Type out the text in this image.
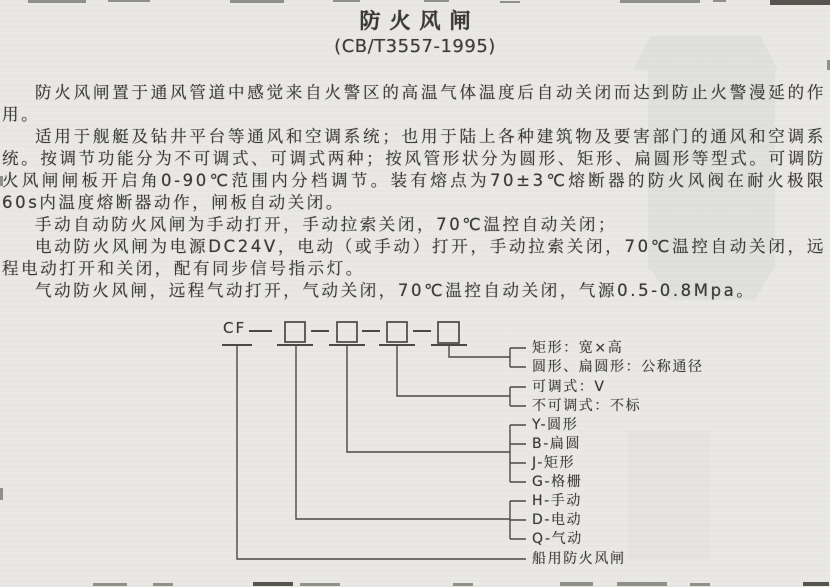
防火风闸
(CB/T3557-1995)

防火风闸置于通风管道中感觉来自火警区的高温气体温度后自动关闭而达到防止火警漫延的作用。

适用于舰艇及钻井平台等通风和空调系统；也用于陆上各种建筑物及要害部门的通风和空调系统。按调节功能分为不可调式、可调式两种；按风管形状分为圆形、矩形、扁圆形等型式。可调防火风闸闸板开启角0-90℃范围内分档调节。装有熔点为70±3℃熔断器的防火风阀在耐火极限60s内温度熔断器动作，闸板自动关闭。

手动自动防火风闸为手动打开，手动拉索关闭，70℃温控自动关闭；

电动防火风闸为电源DC24V，电动（或手动）打开，手动拉索关闭，70℃温控自动关闭，远程电动打开和关闭，配有同步信号指示灯。

气动防火风闸，远程气动打开，气动关闭，70℃温控自动关闭，气源0.5-0.8Mpa。

CF
矩形：宽×高
圆形、扁圆形：公称通径
可调式：V
不可调式：不标
Y-圆形
B-扁圆
J-矩形
G-格栅
H-手动
D-电动
Q-气动
船用防火风闸
